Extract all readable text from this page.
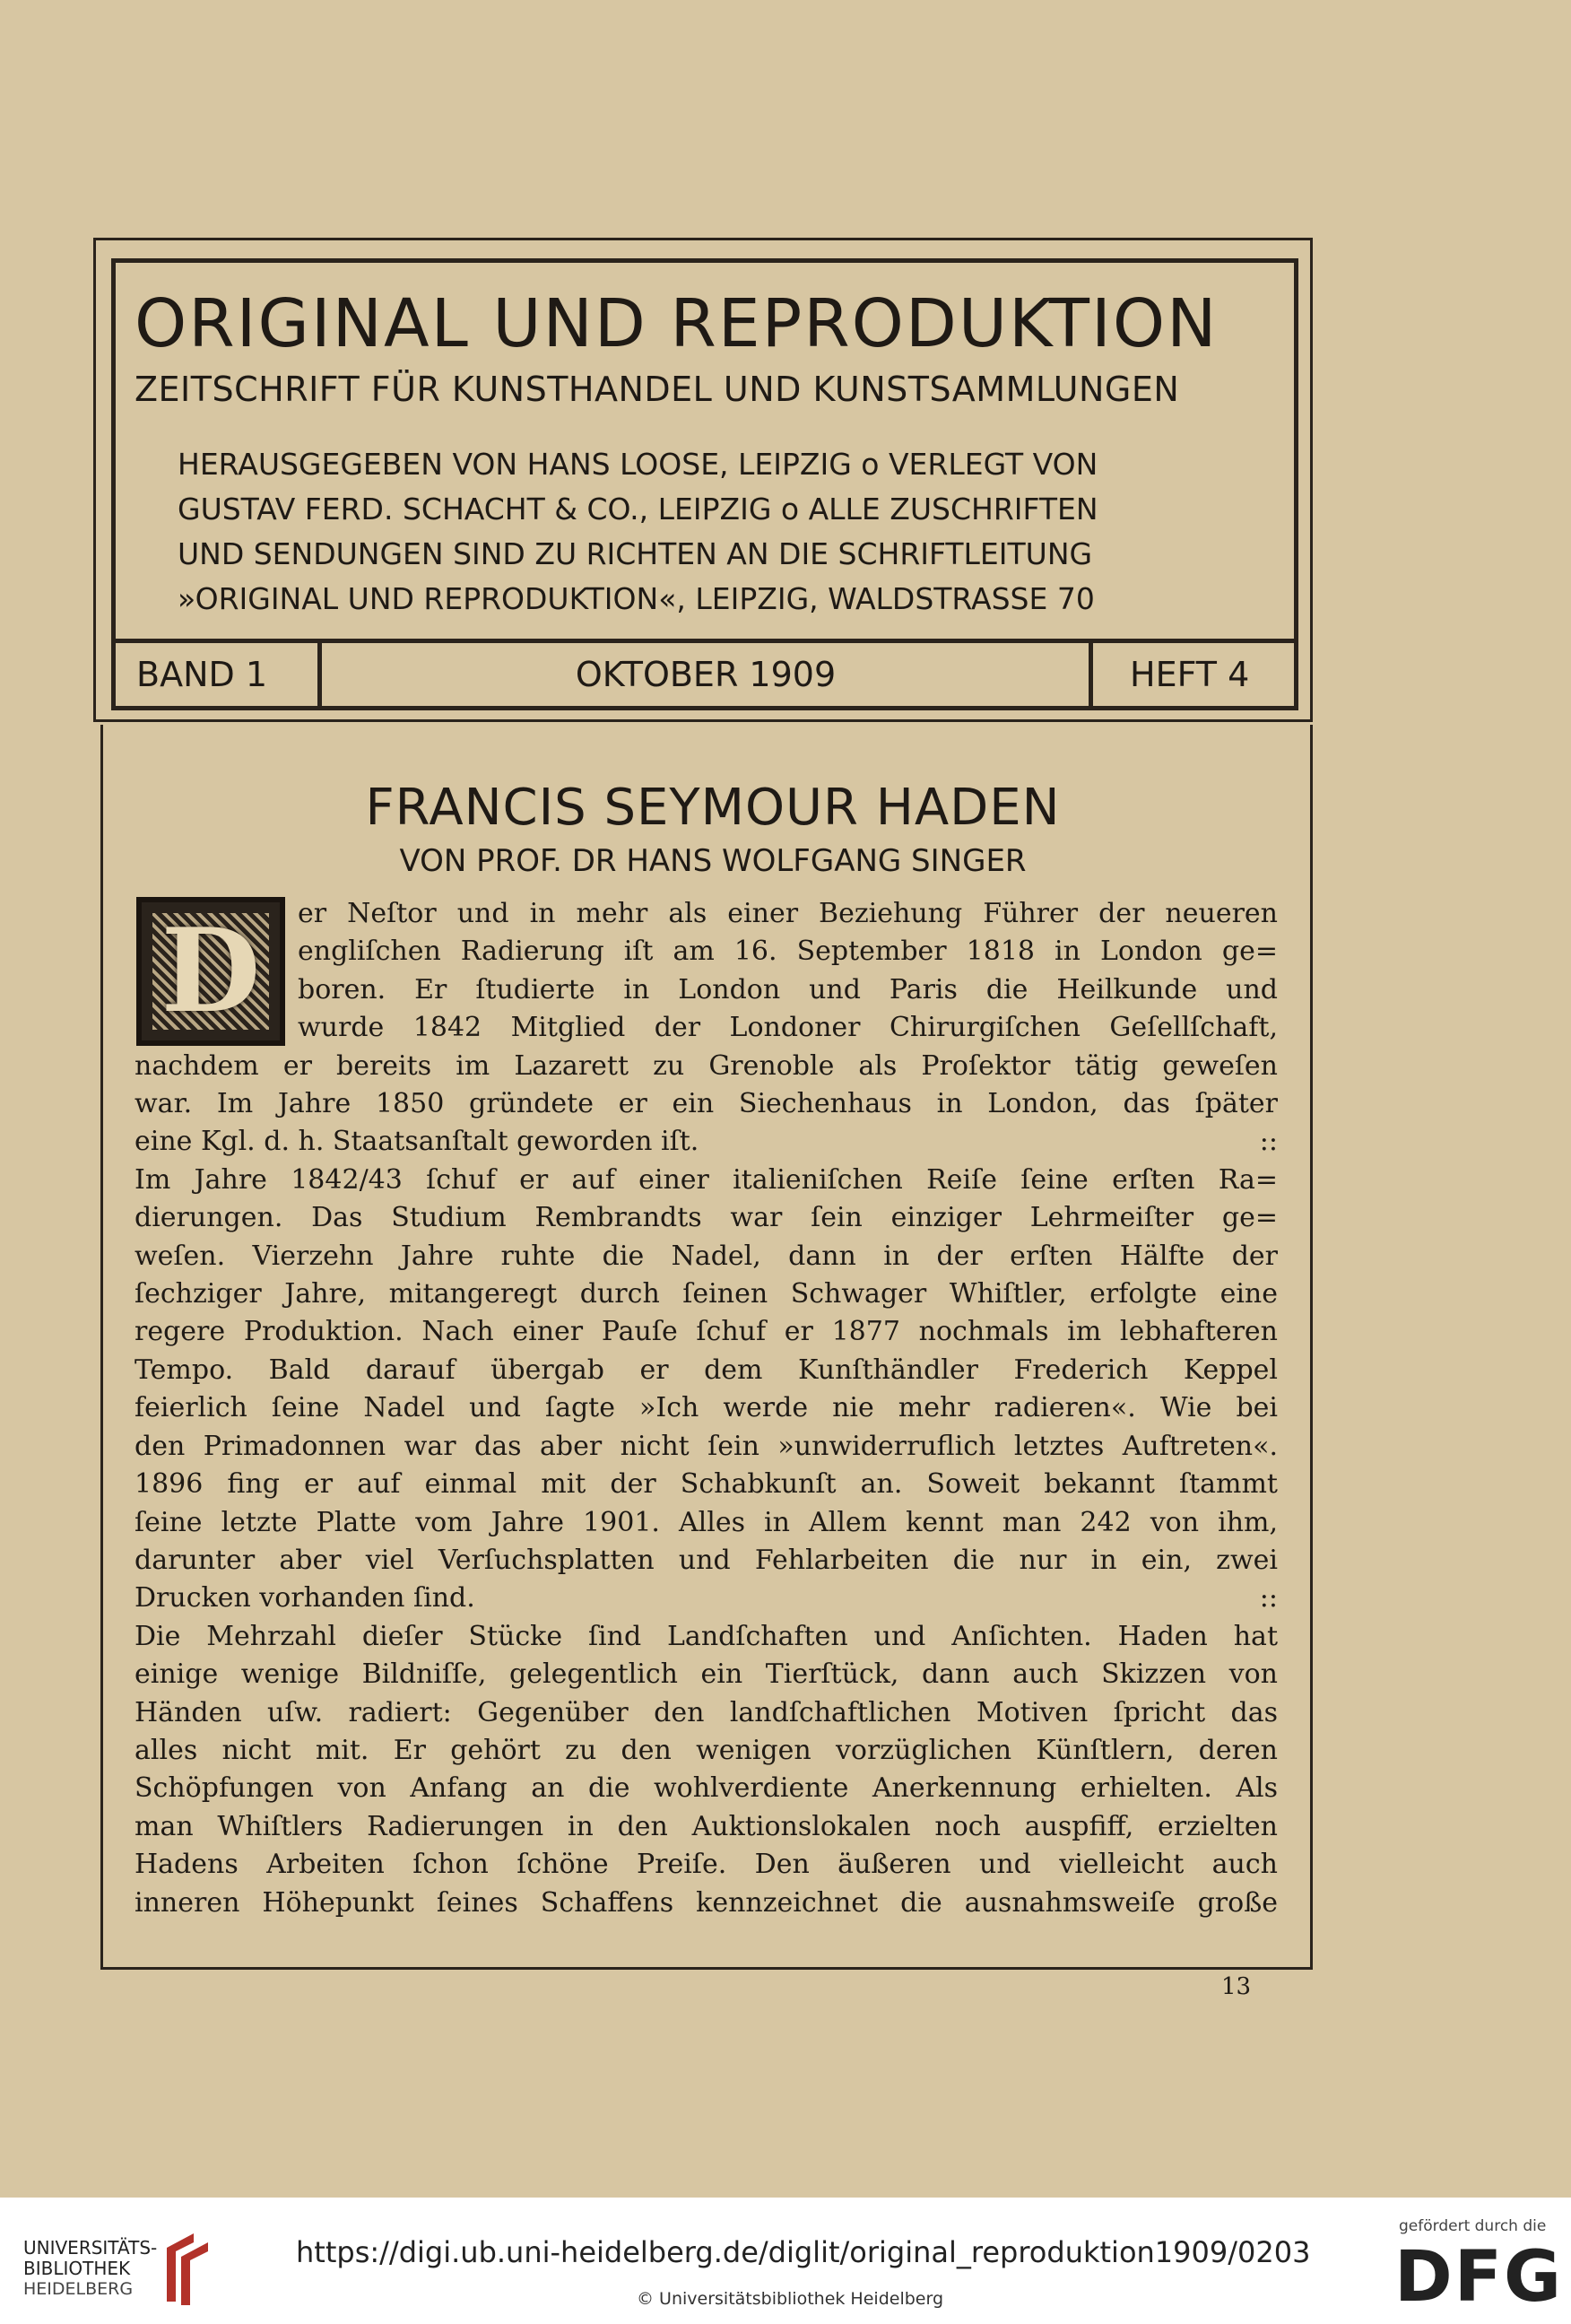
ORIGINAL UND REPRODUKTION
ZEITSCHRIFT FÜR KUNSTHANDEL UND KUNSTSAMMLUNGEN
HERAUSGEGEBEN VON HANS LOOSE, LEIPZIG o VERLEGT VON
GUSTAV FERD. SCHACHT & CO., LEIPZIG o ALLE ZUSCHRIFTEN
UND SENDUNGEN SIND ZU RICHTEN AN DIE SCHRIFTLEITUNG
»ORIGINAL UND REPRODUKTION«, LEIPZIG, WALDSTRASSE 70
BAND 1	OKTOBER 1909	HEFT 4
FRANCIS SEYMOUR HADEN
VON PROF. DR HANS WOLFGANG SINGER
D	er Neſtor und in mehr als einer Beziehung Führer der neueren
engliſchen Radierung iſt am 16. September 1818 in London ge=
boren. Er ſtudierte in London und Paris die Heilkunde und
wurde 1842 Mitglied der Londoner Chirurgiſchen Geſellſchaft,
nachdem er bereits im Lazarett zu Grenoble als Proſektor tätig geweſen
war. Im Jahre 1850 gründete er ein Siechenhaus in London, das ſpäter
eine Kgl. d. h. Staatsanſtalt geworden iſt.	::
Im Jahre 1842/43 ſchuf er auf einer italieniſchen Reiſe ſeine erſten Ra=
dierungen. Das Studium Rembrandts war ſein einziger Lehrmeiſter ge=
weſen. Vierzehn Jahre ruhte die Nadel, dann in der erſten Hälfte der
ſechziger Jahre, mitangeregt durch ſeinen Schwager Whiſtler, erfolgte eine
regere Produktion. Nach einer Pauſe ſchuf er 1877 nochmals im lebhafteren
Tempo. Bald darauf übergab er dem Kunſthändler Frederich Keppel
feierlich ſeine Nadel und ſagte »Ich werde nie mehr radieren«. Wie bei
den Primadonnen war das aber nicht ſein »unwiderruflich letztes Auftreten«.
1896 fing er auf einmal mit der Schabkunſt an. Soweit bekannt ſtammt
ſeine letzte Platte vom Jahre 1901. Alles in Allem kennt man 242 von ihm,
darunter aber viel Verſuchsplatten und Fehlarbeiten die nur in ein, zwei
Drucken vorhanden ſind.	::
Die Mehrzahl dieſer Stücke ſind Landſchaften und Anſichten. Haden hat
einige wenige Bildniſſe, gelegentlich ein Tierſtück, dann auch Skizzen von
Händen uſw. radiert: Gegenüber den landſchaftlichen Motiven ſpricht das
alles nicht mit. Er gehört zu den wenigen vorzüglichen Künſtlern, deren
Schöpfungen von Anfang an die wohlverdiente Anerkennung erhielten. Als
man Whiſtlers Radierungen in den Auktionslokalen noch auspfiff, erzielten
Hadens Arbeiten ſchon ſchöne Preiſe. Den äußeren und vielleicht auch
inneren Höhepunkt ſeines Schaffens kennzeichnet die ausnahmsweiſe große
13
UNIVERSITÄTS-
BIBLIOTHEK
HEIDELBERG
https://digi.ub.uni-heidelberg.de/diglit/original_reproduktion1909/0203
© Universitätsbibliothek Heidelberg
gefördert durch die
DFG
